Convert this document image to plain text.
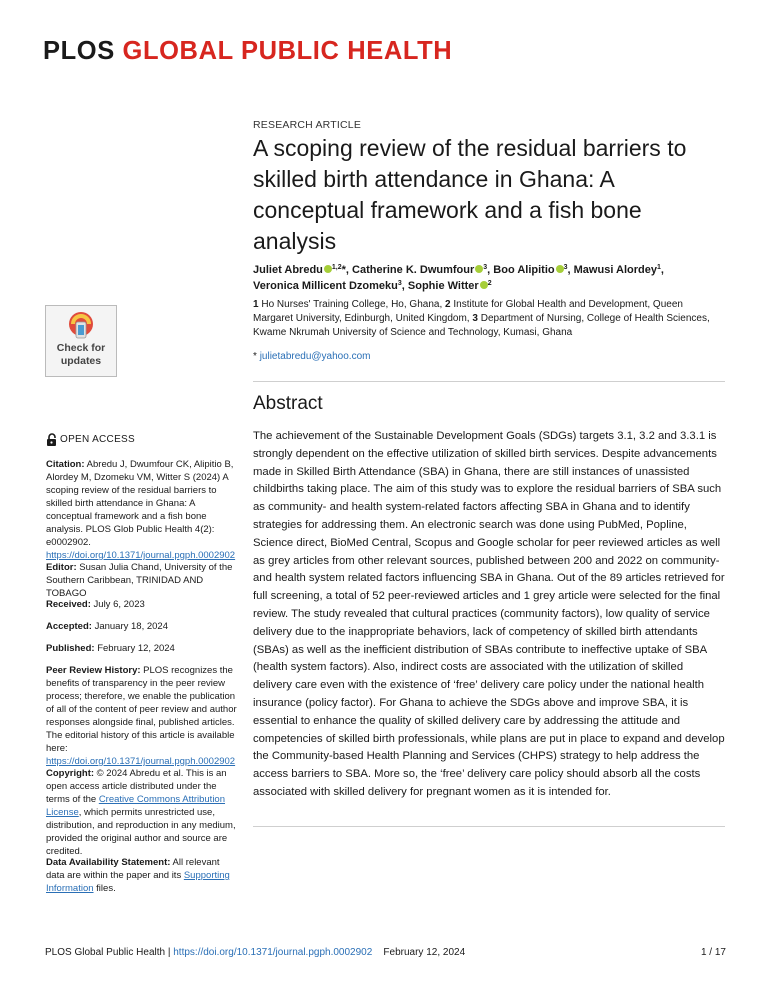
PLOS GLOBAL PUBLIC HEALTH
Check for
updates
RESEARCH ARTICLE
A scoping review of the residual barriers to skilled birth attendance in Ghana: A conceptual framework and a fish bone analysis
Juliet Abredu $^{1,2}$*, Catherine K. Dwumfour $^3$, Boo Alipitio $^3$, Mawusi Alordey$^1$,
Veronica Millicent Dzomeku$^3$, Sophie Witter $^2$
1 Ho Nurses' Training College, Ho, Ghana, 2 Institute for Global Health and Development, Queen Margaret University, Edinburgh, United Kingdom, 3 Department of Nursing, College of Health Sciences, Kwame Nkrumah University of Science and Technology, Kumasi, Ghana
* julietabredu@yahoo.com
OPEN ACCESS
Citation: Abredu J, Dwumfour CK, Alipitio B, Alordey M, Dzomeku VM, Witter S (2024) A scoping review of the residual barriers to skilled birth attendance in Ghana: A conceptual framework and a fish bone analysis. PLOS Glob Public Health 4(2): e0002902. https://doi.org/10.1371/journal.pgph.0002902
Editor: Susan Julia Chand, University of the Southern Caribbean, TRINIDAD AND TOBAGO
Received: July 6, 2023
Accepted: January 18, 2024
Published: February 12, 2024
Peer Review History: PLOS recognizes the benefits of transparency in the peer review process; therefore, we enable the publication of all of the content of peer review and author responses alongside final, published articles. The editorial history of this article is available here: https://doi.org/10.1371/journal.pgph.0002902
Copyright: © 2024 Abredu et al. This is an open access article distributed under the terms of the Creative Commons Attribution License, which permits unrestricted use, distribution, and reproduction in any medium, provided the original author and source are credited.
Data Availability Statement: All relevant data are within the paper and its Supporting Information files.
Abstract

The achievement of the Sustainable Development Goals (SDGs) targets 3.1, 3.2 and 3.3.1 is strongly dependent on the effective utilization of skilled birth services. Despite advancements made in Skilled Birth Attendance (SBA) in Ghana, there are still instances of unassisted childbirths taking place. The aim of this study was to explore the residual barriers of SBA such as community- and health system-related factors affecting SBA in Ghana and to identify strategies for addressing them. An electronic search was done using PubMed, Popline, Science direct, BioMed Central, Scopus and Google scholar for peer reviewed articles as well as grey articles from other relevant sources, published between 200 and 2022 on community- and health system related factors influencing SBA in Ghana. Out of the 89 articles retrieved for full screening, a total of 52 peer-reviewed articles and 1 grey article were selected for the final review. The study revealed that cultural practices (community factors), low quality of service delivery due to the inappropriate behaviors, lack of competency of skilled birth attendants (SBAs) as well as the inefficient distribution of SBAs contribute to ineffective uptake of SBA (health system factors). Also, indirect costs are associated with the utilization of skilled delivery care even with the existence of ‘free’ delivery care policy under the national health insurance (policy factor). For Ghana to achieve the SDGs above and improve SBA, it is essential to enhance the quality of skilled delivery care by addressing the attitude and competencies of skilled birth professionals, while plans are put in place to expand and develop the Community-based Health Planning and Services (CHPS) strategy to help address the access barriers to SBA. More so, the ‘free’ delivery care policy should absorb all the costs associated with skilled delivery for pregnant women as it is intended for.

PLOS Global Public Health | https://doi.org/10.1371/journal.pgph.0002902 February 12, 2024	1 / 17
